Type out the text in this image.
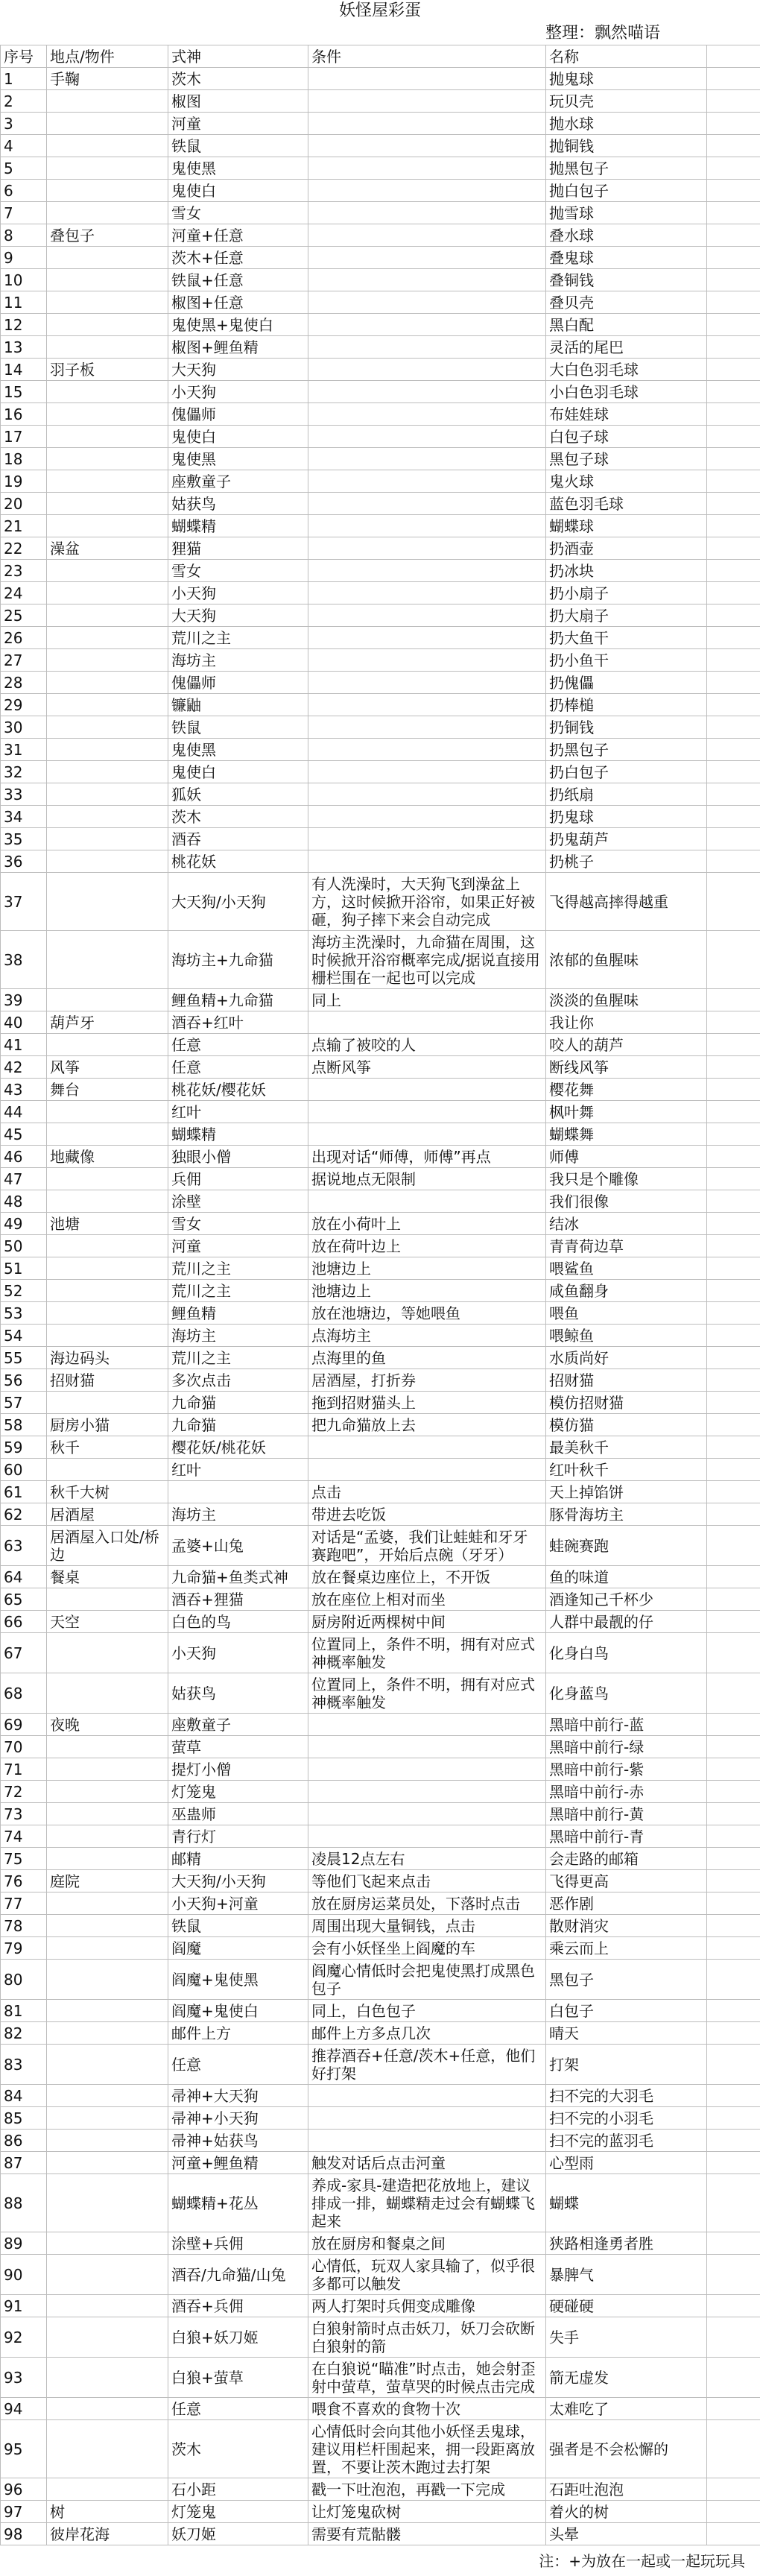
妖怪屋彩蛋
整理：飘然喵语
序号	地点/物件	式神	条件	名称	
1	手鞠	茨木		抛鬼球	
2		椒图		玩贝壳	
3		河童		抛水球	
4		铁鼠		抛铜钱	
5		鬼使黑		抛黑包子	
6		鬼使白		抛白包子	
7		雪女		抛雪球	
8	叠包子	河童+任意		叠水球	
9		茨木+任意		叠鬼球	
10		铁鼠+任意		叠铜钱	
11		椒图+任意		叠贝壳	
12		鬼使黑+鬼使白		黑白配	
13		椒图+鲤鱼精		灵活的尾巴	
14	羽子板	大天狗		大白色羽毛球	
15		小天狗		小白色羽毛球	
16		傀儡师		布娃娃球	
17		鬼使白		白包子球	
18		鬼使黑		黑包子球	
19		座敷童子		鬼火球	
20		姑获鸟		蓝色羽毛球	
21		蝴蝶精		蝴蝶球	
22	澡盆	狸猫		扔酒壶	
23		雪女		扔冰块	
24		小天狗		扔小扇子	
25		大天狗		扔大扇子	
26		荒川之主		扔大鱼干	
27		海坊主		扔小鱼干	
28		傀儡师		扔傀儡	
29		镰鼬		扔棒槌	
30		铁鼠		扔铜钱	
31		鬼使黑		扔黑包子	
32		鬼使白		扔白包子	
33		狐妖		扔纸扇	
34		茨木		扔鬼球	
35		酒吞		扔鬼葫芦	
36		桃花妖		扔桃子	
37		大天狗/小天狗	有人洗澡时，大天狗飞到澡盆上方，这时候掀开浴帘，如果正好被砸，狗子摔下来会自动完成	飞得越高摔得越重	
38		海坊主+九命猫	海坊主洗澡时，九命猫在周围，这时候掀开浴帘概率完成/据说直接用栅栏围在一起也可以完成	浓郁的鱼腥味	
39		鲤鱼精+九命猫	同上	淡淡的鱼腥味	
40	葫芦牙	酒吞+红叶		我让你	
41		任意	点输了被咬的人	咬人的葫芦	
42	风筝	任意	点断风筝	断线风筝	
43	舞台	桃花妖/樱花妖		樱花舞	
44		红叶		枫叶舞	
45		蝴蝶精		蝴蝶舞	
46	地藏像	独眼小僧	出现对话“师傅，师傅”再点	师傅	
47		兵佣	据说地点无限制	我只是个雕像	
48		涂壁		我们很像	
49	池塘	雪女	放在小荷叶上	结冰	
50		河童	放在荷叶边上	青青荷边草	
51		荒川之主	池塘边上	喂鲨鱼	
52		荒川之主	池塘边上	咸鱼翻身	
53		鲤鱼精	放在池塘边，等她喂鱼	喂鱼	
54		海坊主	点海坊主	喂鲸鱼	
55	海边码头	荒川之主	点海里的鱼	水质尚好	
56	招财猫	多次点击	居酒屋，打折券	招财猫	
57		九命猫	拖到招财猫头上	模仿招财猫	
58	厨房小猫	九命猫	把九命猫放上去	模仿猫	
59	秋千	樱花妖/桃花妖		最美秋千	
60		红叶		红叶秋千	
61	秋千大树		点击	天上掉馅饼	
62	居酒屋	海坊主	带进去吃饭	豚骨海坊主	
63	居酒屋入口处/桥边	孟婆+山兔	对话是“孟婆，我们让蛙蛙和牙牙赛跑吧”，开始后点碗（牙牙）	蛙碗赛跑	
64	餐桌	九命猫+鱼类式神	放在餐桌边座位上，不开饭	鱼的味道	
65		酒吞+狸猫	放在座位上相对而坐	酒逢知己千杯少	
66	天空	白色的鸟	厨房附近两棵树中间	人群中最靓的仔	
67		小天狗	位置同上，条件不明，拥有对应式神概率触发	化身白鸟	
68		姑获鸟	位置同上，条件不明，拥有对应式神概率触发	化身蓝鸟	
69	夜晚	座敷童子		黑暗中前行-蓝	
70		萤草		黑暗中前行-绿	
71		提灯小僧		黑暗中前行-紫	
72		灯笼鬼		黑暗中前行-赤	
73		巫蛊师		黑暗中前行-黄	
74		青行灯		黑暗中前行-青	
75		邮精	凌晨12点左右	会走路的邮箱	
76	庭院	大天狗/小天狗	等他们飞起来点击	飞得更高	
77		小天狗+河童	放在厨房运菜员处，下落时点击	恶作剧	
78		铁鼠	周围出现大量铜钱，点击	散财消灾	
79		阎魔	会有小妖怪坐上阎魔的车	乘云而上	
80		阎魔+鬼使黑	阎魔心情低时会把鬼使黑打成黑色包子	黑包子	
81		阎魔+鬼使白	同上，白色包子	白包子	
82		邮件上方	邮件上方多点几次	晴天	
83		任意	推荐酒吞+任意/茨木+任意，他们好打架	打架	
84		帚神+大天狗		扫不完的大羽毛	
85		帚神+小天狗		扫不完的小羽毛	
86		帚神+姑获鸟		扫不完的蓝羽毛	
87		河童+鲤鱼精	触发对话后点击河童	心型雨	
88		蝴蝶精+花丛	养成-家具-建造把花放地上，建议排成一排，蝴蝶精走过会有蝴蝶飞起来	蝴蝶	
89		涂壁+兵佣	放在厨房和餐桌之间	狭路相逢勇者胜	
90		酒吞/九命猫/山兔	心情低，玩双人家具输了，似乎很多都可以触发	暴脾气	
91		酒吞+兵佣	两人打架时兵佣变成雕像	硬碰硬	
92		白狼+妖刀姬	白狼射箭时点击妖刀，妖刀会砍断白狼射的箭	失手	
93		白狼+萤草	在白狼说“瞄准”时点击，她会射歪射中萤草，萤草哭的时候点击完成	箭无虚发	
94		任意	喂食不喜欢的食物十次	太难吃了	
95		茨木	心情低时会向其他小妖怪丢鬼球，建议用栏杆围起来，拥一段距离放置，不要让茨木跑过去打架	强者是不会松懈的	
96		石小距	戳一下吐泡泡，再戳一下完成	石距吐泡泡	
97	树	灯笼鬼	让灯笼鬼砍树	着火的树	
98	彼岸花海	妖刀姬	需要有荒骷髅	头晕	
注：+为放在一起或一起玩玩具
